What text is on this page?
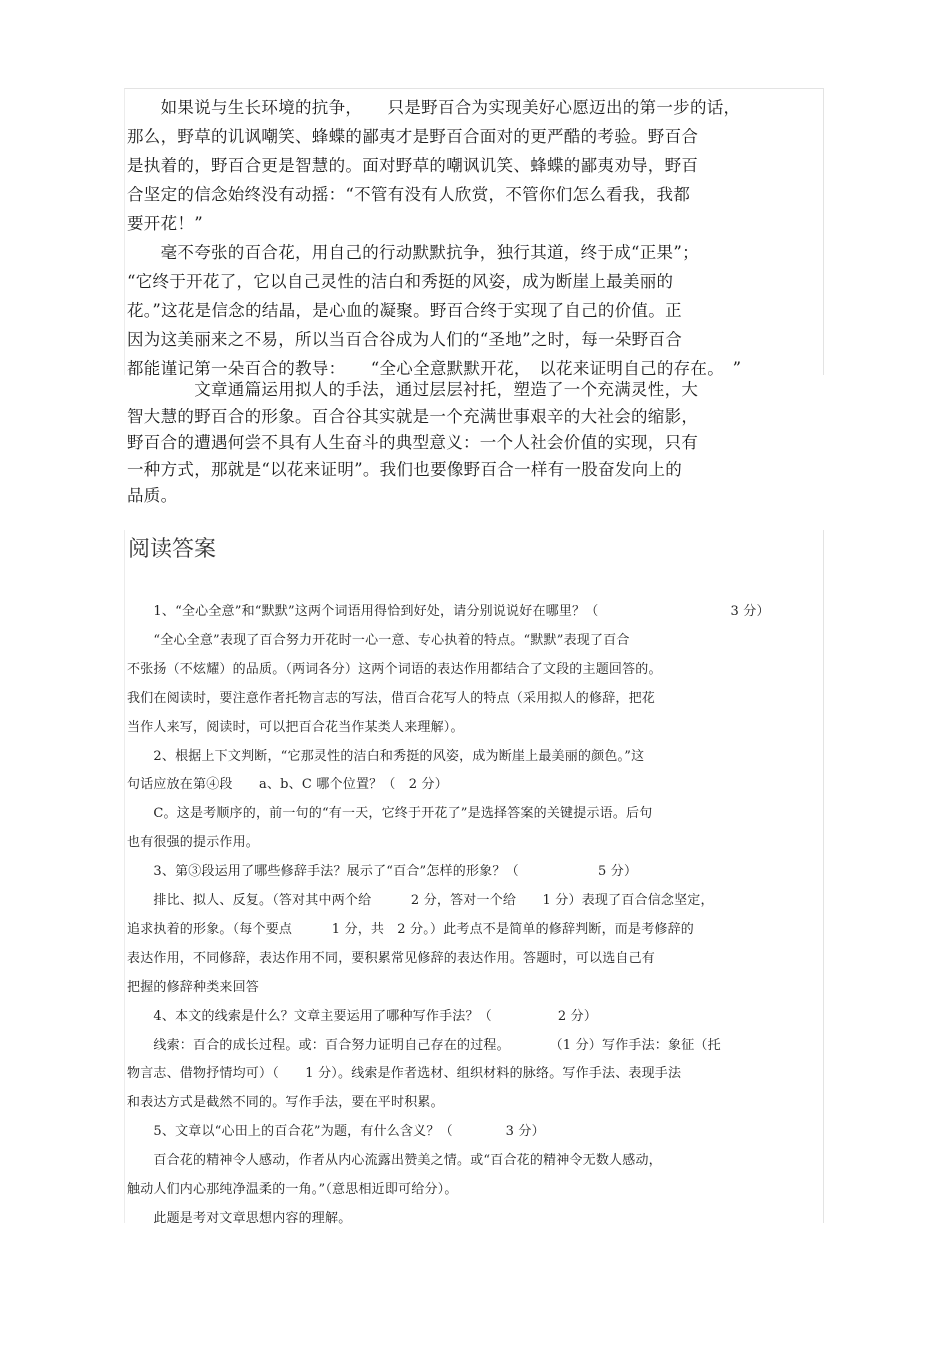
　　如果说与生长环境的抗争，　　只是野百合为实现美好心愿迈出的第一步的话，
那么，野草的讥讽嘲笑、蜂蝶的鄙夷才是野百合面对的更严酷的考验。野百合
是执着的，野百合更是智慧的。面对野草的嘲讽讥笑、蜂蝶的鄙夷劝导，野百
合坚定的信念始终没有动摇：“不管有没有人欣赏，不管你们怎么看我，我都
要开花！”
　　毫不夸张的百合花，用自己的行动默默抗争，独行其道，终于成“正果”；
“它终于开花了，它以自己灵性的洁白和秀挺的风姿，成为断崖上最美丽的
花。”这花是信念的结晶，是心血的凝聚。野百合终于实现了自己的价值。正
因为这美丽来之不易，所以当百合谷成为人们的“圣地”之时，每一朵野百合
都能谨记第一朵百合的教导：　　“全心全意默默开花，　以花来证明自己的存在。　”
　　　　文章通篇运用拟人的手法，通过层层衬托，塑造了一个充满灵性，大
智大慧的野百合的形象。百合谷其实就是一个充满世事艰辛的大社会的缩影，
野百合的遭遇何尝不具有人生奋斗的典型意义：一个人社会价值的实现，只有
一种方式，那就是“以花来证明”。我们也要像野百合一样有一股奋发向上的
品质。
阅读答案
　　1、“全心全意”和“默默”这两个词语用得恰到好处，请分别说说好在哪里？（　　　　　　　　　　3 分）
　　“全心全意”表现了百合努力开花时一心一意、专心执着的特点。“默默”表现了百合
不张扬（不炫耀）的品质。（两词各分）这两个词语的表达作用都结合了文段的主题回答的。
我们在阅读时，要注意作者托物言志的写法，借百合花写人的特点（采用拟人的修辞，把花
当作人来写，阅读时，可以把百合花当作某类人来理解）。
　　2、根据上下文判断，“它那灵性的洁白和秀挺的风姿，成为断崖上最美丽的颜色。”这
句话应放在第④段　　a、b、C 哪个位置？（　2 分）
　　C。这是考顺序的，前一句的“有一天，它终于开花了”是选择答案的关键提示语。后句
也有很强的提示作用。
　　3、第③段运用了哪些修辞手法？展示了“百合”怎样的形象？（　　　　　　5 分）
　　排比、拟人、反复。（答对其中两个给　　　2 分，答对一个给　　1 分）表现了百合信念坚定，
追求执着的形象。（每个要点　　　1 分，共　2 分。）此考点不是简单的修辞判断，而是考修辞的
表达作用，不同修辞，表达作用不同，要积累常见修辞的表达作用。答题时，可以选自己有
把握的修辞种类来回答
　　4、本文的线索是什么？文章主要运用了哪种写作手法？（　　　　　2 分）
　　线索：百合的成长过程。或：百合努力证明自己存在的过程。　　　　（1 分）写作手法：象征（托
物言志、借物抒情均可）（　　1 分）。线索是作者选材、组织材料的脉络。写作手法、表现手法
和表达方式是截然不同的。写作手法，要在平时积累。
　　5、文章以“心田上的百合花”为题，有什么含义？（　　　　3 分）
　　百合花的精神令人感动，作者从内心流露出赞美之情。或“百合花的精神令无数人感动，
触动人们内心那纯净温柔的一角。”（意思相近即可给分）。
　　此题是考对文章思想内容的理解。
